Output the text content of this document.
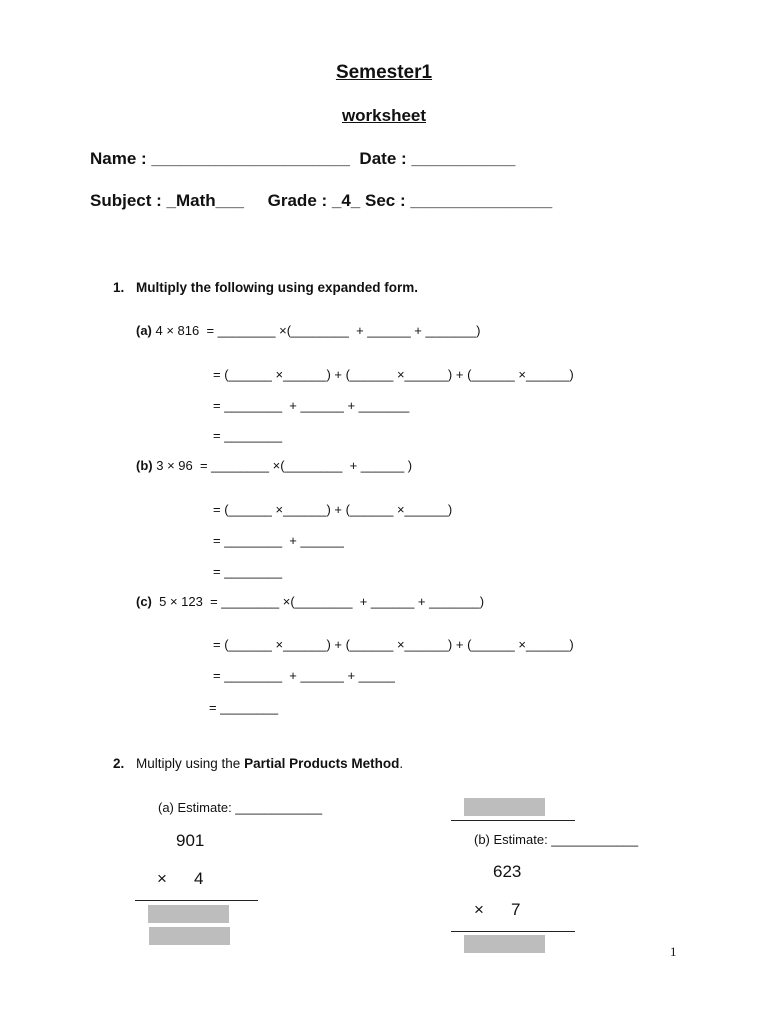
Semester1
worksheet
Name : _____________________ Date : ___________
Subject : _Math___ Grade : _4_ Sec : _______________
1. Multiply the following using expanded form.
(a) 4 × 816  = ________ ×(________  + ______ + _______)
= (______ ×______) + (______ ×______) + (______ ×______)
= ________  + ______ + _______
= ________
(b) 3 × 96  = ________ ×(________  + ______ )
= (______ ×______) + (______ ×______)
= ________  + ______
= ________
(c)  5 × 123  = ________ ×(________  + ______ + _______)
= (______ ×______) + (______ ×______) + (______ ×______)
= ________  + ______ + _____
= ________
2. Multiply using the Partial Products Method.
(a) Estimate: ____________
901
× 4
(b) Estimate: ____________
623
× 7
1
